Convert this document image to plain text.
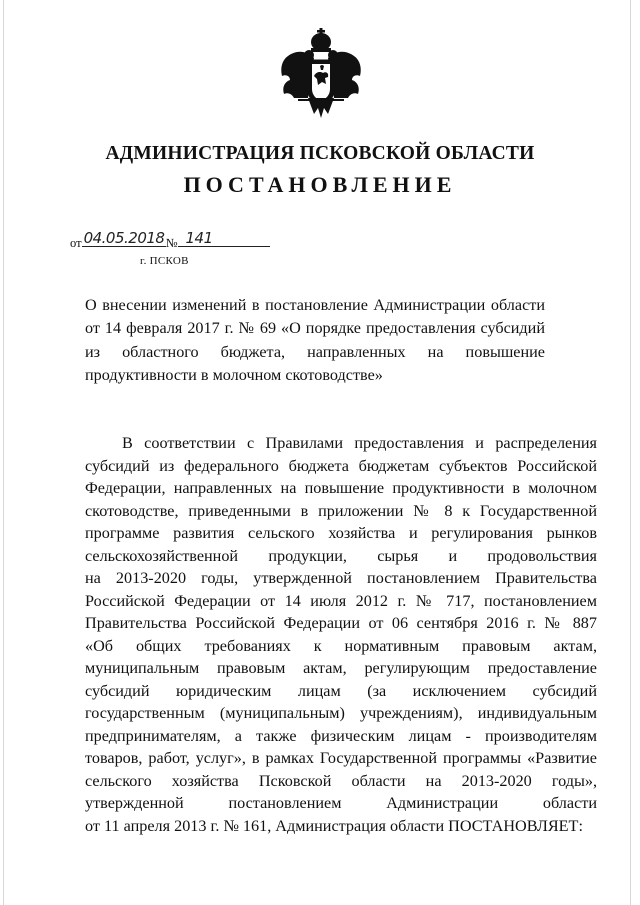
АДМИНИСТРАЦИЯ ПСКОВСКОЙ ОБЛАСТИ
ПОСТАНОВЛЕНИЕ
от 04.05.2018 № 141
г. ПСКОВ
О внесении изменений в постановление Администрации области
от 14 февраля 2017 г. № 69 «О порядке предоставления субсидий
из областного бюджета, направленных на повышение
продуктивности в молочном скотоводстве»
В соответствии с Правилами предоставления и распределения
субсидий из федерального бюджета бюджетам субъектов Российской
Федерации, направленных на повышение продуктивности в молочном
скотоводстве, приведенными в приложении № 8 к Государственной
программе развития сельского хозяйства и регулирования рынков
сельскохозяйственной продукции, сырья и продовольствия
на 2013-2020 годы, утвержденной постановлением Правительства
Российской Федерации от 14 июля 2012 г. № 717, постановлением
Правительства Российской Федерации от 06 сентября 2016 г. № 887
«Об общих требованиях к нормативным правовым актам,
муниципальным правовым актам, регулирующим предоставление
субсидий юридическим лицам (за исключением субсидий
государственным (муниципальным) учреждениям), индивидуальным
предпринимателям, а также физическим лицам - производителям
товаров, работ, услуг», в рамках Государственной программы «Развитие
сельского хозяйства Псковской области на 2013-2020 годы»,
утвержденной постановлением Администрации области
от 11 апреля 2013 г. № 161, Администрация области ПОСТАНОВЛЯЕТ:
